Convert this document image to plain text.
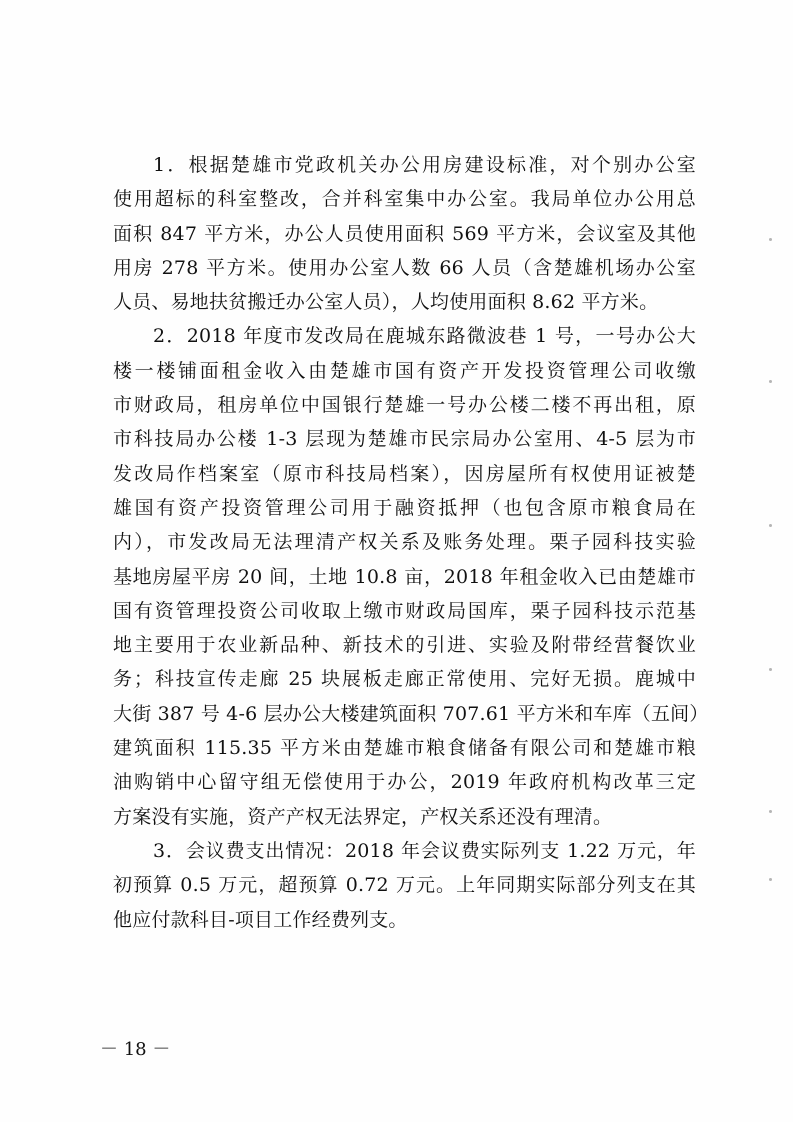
1．根据楚雄市党政机关办公用房建设标准，对个别办公室
使用超标的科室整改，合并科室集中办公室。我局单位办公用总
面积 847 平方米，办公人员使用面积 569 平方米，会议室及其他
用房 278 平方米。使用办公室人数 66 人员（含楚雄机场办公室
人员、易地扶贫搬迁办公室人员），人均使用面积 8.62 平方米。
2．2018 年度市发改局在鹿城东路微波巷 1 号，一号办公大
楼一楼铺面租金收入由楚雄市国有资产开发投资管理公司收缴
市财政局，租房单位中国银行楚雄一号办公楼二楼不再出租，原
市科技局办公楼 1-3 层现为楚雄市民宗局办公室用、4-5 层为市
发改局作档案室（原市科技局档案），因房屋所有权使用证被楚
雄国有资产投资管理公司用于融资抵押（也包含原市粮食局在
内），市发改局无法理清产权关系及账务处理。栗子园科技实验
基地房屋平房 20 间，土地 10.8 亩，2018 年租金收入已由楚雄市
国有资管理投资公司收取上缴市财政局国库，栗子园科技示范基
地主要用于农业新品种、新技术的引进、实验及附带经营餐饮业
务；科技宣传走廊 25 块展板走廊正常使用、完好无损。鹿城中
大街 387 号 4-6 层办公大楼建筑面积 707.61 平方米和车库（五间）
建筑面积 115.35 平方米由楚雄市粮食储备有限公司和楚雄市粮
油购销中心留守组无偿使用于办公，2019 年政府机构改革三定
方案没有实施，资产产权无法界定，产权关系还没有理清。
3．会议费支出情况：2018 年会议费实际列支 1.22 万元，年
初预算 0.5 万元，超预算 0.72 万元。上年同期实际部分列支在其
他应付款科目-项目工作经费列支。
－ 18 －
